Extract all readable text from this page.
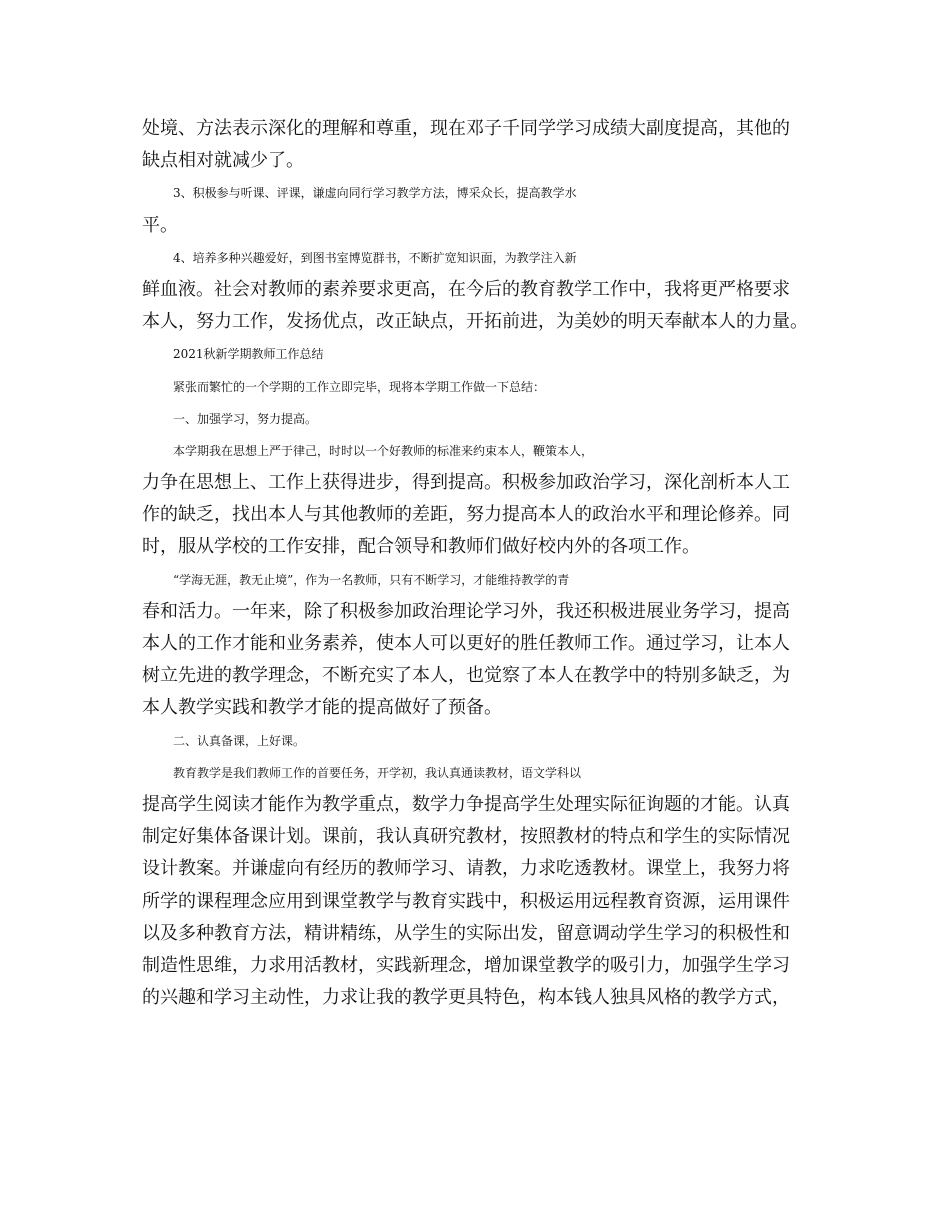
处境、方法表示深化的理解和尊重，现在邓子千同学学习成绩大副度提高，其他的
缺点相对就减少了。
3、积极参与听课、评课，谦虚向同行学习教学方法，博采众长，提高教学水
平。
4、培养多种兴趣爱好，到图书室博览群书，不断扩宽知识面，为教学注入新
鲜血液。社会对教师的素养要求更高，在今后的教育教学工作中，我将更严格要求
本人，努力工作，发扬优点，改正缺点，开拓前进，为美妙的明天奉献本人的力量。
2021秋新学期教师工作总结
紧张而繁忙的一个学期的工作立即完毕，现将本学期工作做一下总结：
一、加强学习，努力提高。
本学期我在思想上严于律己，时时以一个好教师的标准来约束本人，鞭策本人，
力争在思想上、工作上获得进步，得到提高。积极参加政治学习，深化剖析本人工
作的缺乏，找出本人与其他教师的差距，努力提高本人的政治水平和理论修养。同
时，服从学校的工作安排，配合领导和教师们做好校内外的各项工作。
“学海无涯，教无止境”，作为一名教师，只有不断学习，才能维持教学的青
春和活力。一年来，除了积极参加政治理论学习外，我还积极进展业务学习，提高
本人的工作才能和业务素养，使本人可以更好的胜任教师工作。通过学习，让本人
树立先进的教学理念，不断充实了本人，也觉察了本人在教学中的特别多缺乏，为
本人教学实践和教学才能的提高做好了预备。
二、认真备课，上好课。
教育教学是我们教师工作的首要任务，开学初，我认真通读教材，语文学科以
提高学生阅读才能作为教学重点，数学力争提高学生处理实际征询题的才能。认真
制定好集体备课计划。课前，我认真研究教材，按照教材的特点和学生的实际情况
设计教案。并谦虚向有经历的教师学习、请教，力求吃透教材。课堂上，我努力将
所学的课程理念应用到课堂教学与教育实践中，积极运用远程教育资源，运用课件
以及多种教育方法，精讲精练，从学生的实际出发，留意调动学生学习的积极性和
制造性思维，力求用活教材，实践新理念，增加课堂教学的吸引力，加强学生学习
的兴趣和学习主动性，力求让我的教学更具特色，构本钱人独具风格的教学方式，
